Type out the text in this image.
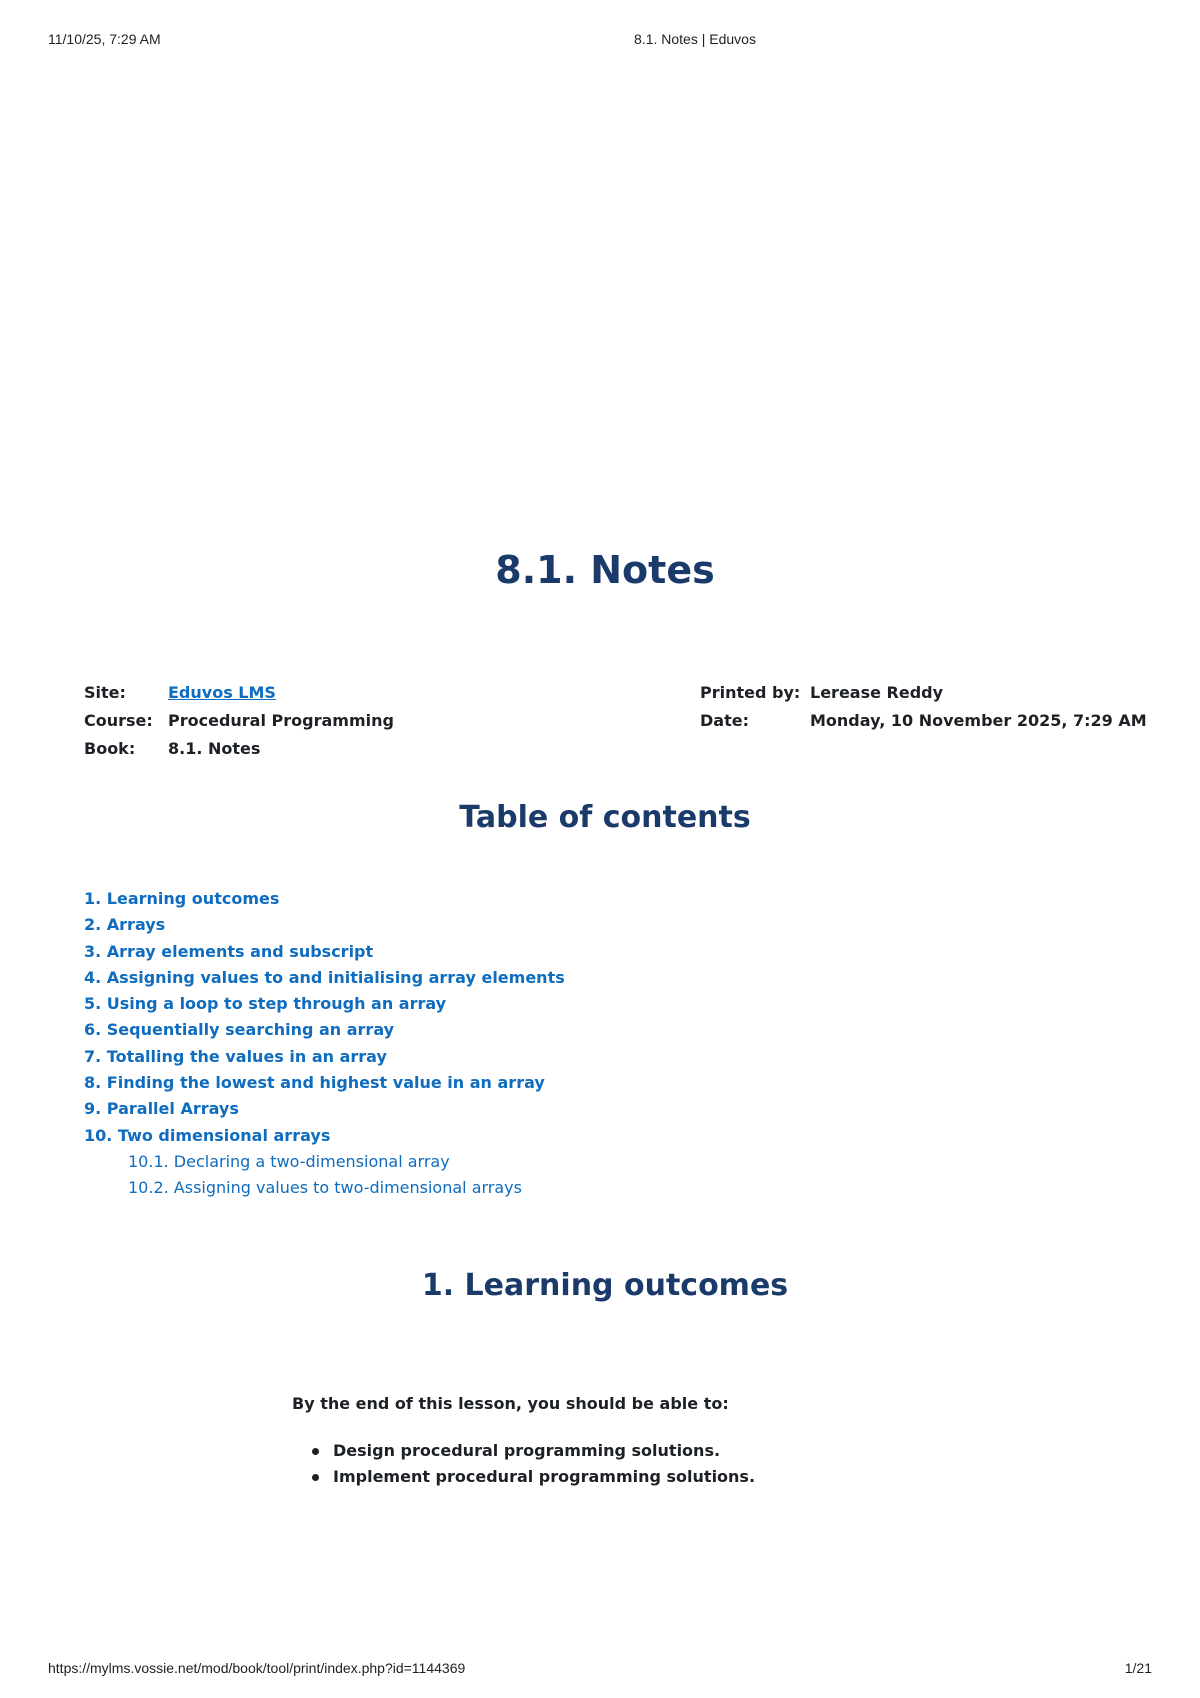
11/10/25, 7:29 AM	8.1. Notes | Eduvos
8.1. Notes
Site:	Eduvos LMS
Course: Procedural Programming
Book:	8.1. Notes
Printed by: Lerease Reddy
Date:	Monday, 10 November 2025, 7:29 AM
Table of contents
1. Learning outcomes
2. Arrays
3. Array elements and subscript
4. Assigning values to and initialising array elements
5. Using a loop to step through an array
6. Sequentially searching an array
7. Totalling the values in an array
8. Finding the lowest and highest value in an array
9. Parallel Arrays
10. Two dimensional arrays
10.1. Declaring a two-dimensional array
10.2. Assigning values to two-dimensional arrays
1. Learning outcomes

By the end of this lesson, you should be able to:

Design procedural programming solutions.
Implement procedural programming solutions.
https://mylms.vossie.net/mod/book/tool/print/index.php?id=1144369	1/21
